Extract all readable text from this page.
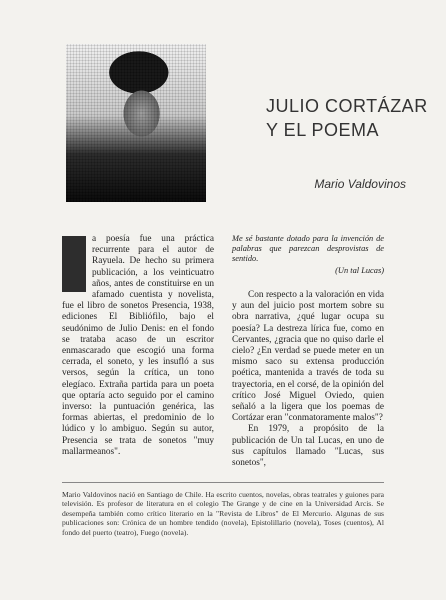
JULIO CORTÁZAR
Y EL POEMA
Mario Valdovinos

a poesía fue una práctica recurrente para el autor de Rayuela. De hecho su primera publicación, a los veinticuatro años, antes de constituirse en un afamado cuentista y novelista, fue el libro de sonetos Presencia, 1938, ediciones El Bibliófilo, bajo el seudónimo de Julio Denis: en el fondo se trataba acaso de un escritor enmascarado que escogió una forma cerrada, el soneto, y les insufló a sus versos, según la crítica, un tono elegíaco. Extraña partida para un poeta que optaría acto seguido por el camino inverso: la puntuación genérica, las formas abiertas, el predominio de lo lúdico y lo ambiguo. Según su autor, Presencia se trata de sonetos "muy mallarmeanos".

Me sé bastante dotado para la invención de palabras que parezcan desprovistas de sentido.

(Un tal Lucas)

Con respecto a la valoración en vida y aun del juicio post mortem sobre su obra narrativa, ¿qué lugar ocupa su poesía? La destreza lírica fue, como en Cervantes, ¿gracia que no quiso darle el cielo? ¿En verdad se puede meter en un mismo saco su extensa producción poética, mantenida a través de toda su trayectoria, en el corsé, de la opinión del crítico José Miguel Oviedo, quien señaló a la ligera que los poemas de Cortázar eran "conmatoramente malos"?

En 1979, a propósito de la publicación de Un tal Lucas, en uno de sus capítulos llamado "Lucas, sus sonetos",

Mario Valdovinos nació en Santiago de Chile. Ha escrito cuentos, novelas, obras teatrales y guiones para televisión. Es profesor de literatura en el colegio The Grange y de cine en la Universidad Arcis. Se desempeña también como crítico literario en la "Revista de Libros" de El Mercurio. Algunas de sus publicaciones son: Crónica de un hombre tendido (novela), Epistolillario (novela), Toses (cuentos), Al fondo del puerto (teatro), Fuego (novela).
